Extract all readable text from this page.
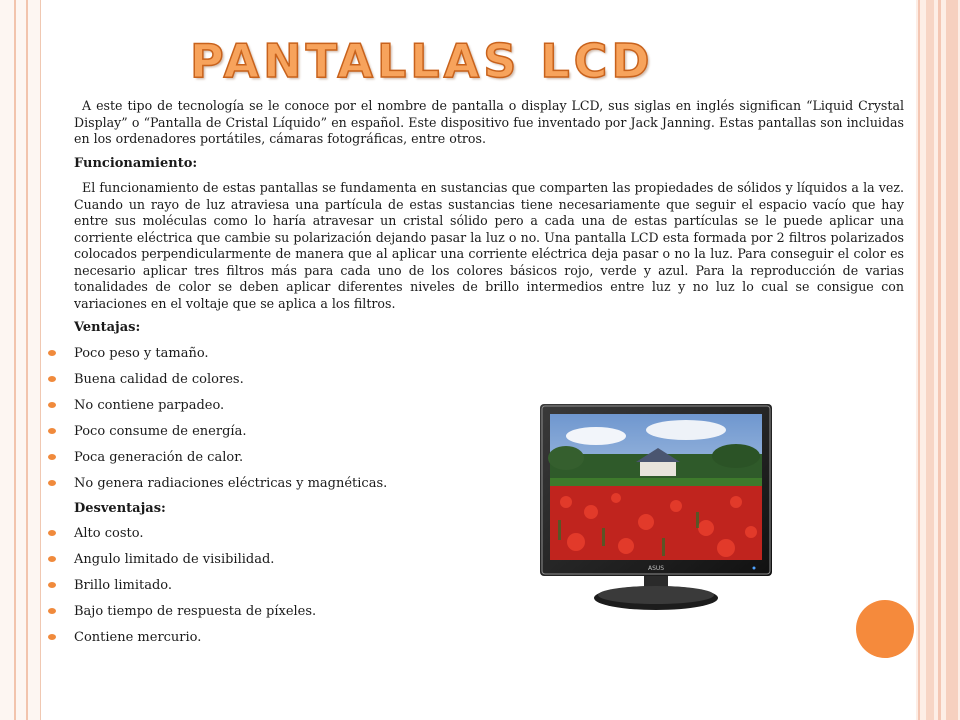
PANTALLAS LCD

A este tipo de tecnología se le conoce por el nombre de pantalla o display LCD, sus siglas en inglés significan “Liquid Crystal Display” o “Pantalla de Cristal Líquido” en español. Este dispositivo fue inventado por Jack Janning. Estas pantallas son incluidas en los ordenadores portátiles, cámaras fotográficas, entre otros.

Funcionamiento:

El funcionamiento de estas pantallas se fundamenta en sustancias que comparten las propiedades de sólidos y líquidos a la vez. Cuando un rayo de luz atraviesa una partícula de estas sustancias tiene necesariamente que seguir el espacio vacío que hay entre sus moléculas como lo haría atravesar un cristal sólido pero a cada una de estas partículas se le puede aplicar una corriente eléctrica que cambie su polarización dejando pasar la luz o no. Una pantalla LCD esta formada por 2 filtros polarizados colocados perpendicularmente de manera que al aplicar una corriente eléctrica deja pasar o no la luz. Para conseguir el color es necesario aplicar tres filtros más para cada uno de los colores básicos rojo, verde y azul. Para la reproducción de varias tonalidades de color se deben aplicar diferentes niveles de brillo intermedios entre luz y no luz lo cual se consigue con variaciones en el voltaje que se aplica a los filtros.

Ventajas:
Poco peso y tamaño.
Buena calidad de colores.
No contiene parpadeo.
Poco consume de energía.
Poca generación de calor.
No genera radiaciones eléctricas y magnéticas.
Desventajas:
Alto costo.
Angulo limitado de visibilidad.
Brillo limitado.
Bajo tiempo de respuesta de píxeles.
Contiene mercurio.
ASUS
